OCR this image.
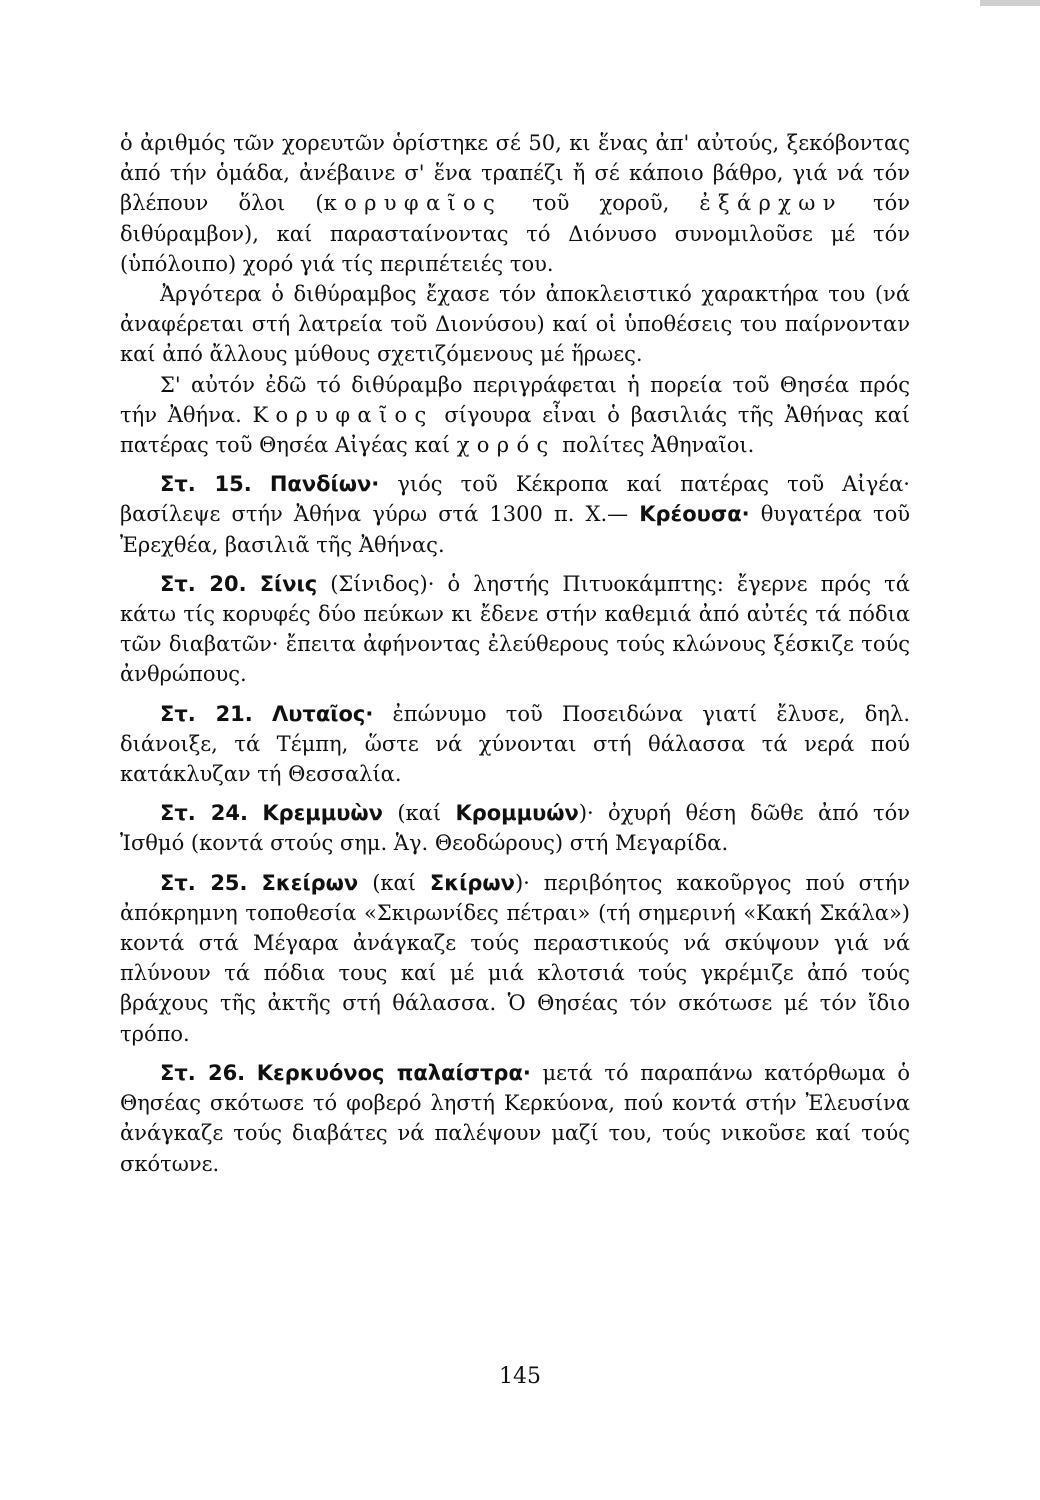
ὁ ἀριθμός τῶν χορευτῶν ὁρίστηκε σέ 50, κι ἕνας ἀπ' αὐτούς, ξεκόβοντας ἀπό τήν ὁμάδα, ἀνέβαινε σ' ἕνα τραπέζι ἤ σέ κάποιο βάθρο, γιά νά τόν βλέπουν ὅλοι (κορυφαῖος τοῦ χοροῦ, ἐξάρχων τόν διθύραμβον), καί παρασταίνοντας τό Διόνυσο συνομιλοῦσε μέ τόν (ὑπόλοιπο) χορό γιά τίς περιπέτειές του.

Ἀργότερα ὁ διθύραμβος ἔχασε τόν ἀποκλειστικό χαρακτήρα του (νά ἀναφέρεται στή λατρεία τοῦ Διονύσου) καί οἱ ὑποθέσεις του παίρνονταν καί ἀπό ἄλλους μύθους σχετιζόμενους μέ ἥρωες.

Σ' αὐτόν ἐδῶ τό διθύραμβο περιγράφεται ἡ πορεία τοῦ Θησέα πρός τήν Ἀθήνα. Κορυφαῖος σίγουρα εἶναι ὁ βασιλιάς τῆς Ἀθήνας καί πατέρας τοῦ Θησέα Αἰγέας καί χορός πολίτες Ἀθηναῖοι.

Στ. 15. Πανδίων· γιός τοῦ Κέκροπα καί πατέρας τοῦ Αἰγέα· βασίλεψε στήν Ἀθήνα γύρω στά 1300 π. Χ.— Κρέουσα· θυγατέρα τοῦ Ἐρεχθέα, βασιλιᾶ τῆς Ἀθήνας.

Στ. 20. Σίνις (Σίνιδος)· ὁ ληστής Πιτυοκάμπτης: ἔγερνε πρός τά κάτω τίς κορυφές δύο πεύκων κι ἔδενε στήν καθεμιά ἀπό αὐτές τά πόδια τῶν διαβατῶν· ἔπειτα ἀφήνοντας ἐλεύθερους τούς κλώνους ξέσκιζε τούς ἀνθρώπους.

Στ. 21. Λυταῖος· ἐπώνυμο τοῦ Ποσειδώνα γιατί ἔλυσε, δηλ. διάνοιξε, τά Τέμπη, ὥστε νά χύνονται στή θάλασσα τά νερά πού κατάκλυζαν τή Θεσσαλία.

Στ. 24. Κρεμμυὼν (καί Κρομμυών)· ὀχυρή θέση δῶθε ἀπό τόν Ἰσθμό (κοντά στούς σημ. Ἁγ. Θεοδώρους) στή Μεγαρίδα.

Στ. 25. Σκείρων (καί Σκίρων)· περιβόητος κακοῦργος πού στήν ἀπόκρημνη τοποθεσία «Σκιρωνίδες πέτραι» (τή σημερινή «Κακή Σκάλα») κοντά στά Μέγαρα ἀνάγκαζε τούς περαστικούς νά σκύψουν γιά νά πλύνουν τά πόδια τους καί μέ μιά κλοτσιά τούς γκρέμιζε ἀπό τούς βράχους τῆς ἀκτῆς στή θάλασσα. Ὁ Θησέας τόν σκότωσε μέ τόν ἴδιο τρόπο.

Στ. 26. Κερκυόνος παλαίστρα· μετά τό παραπάνω κατόρθωμα ὁ Θησέας σκότωσε τό φοβερό ληστή Κερκύονα, πού κοντά στήν Ἐλευσίνα ἀνάγκαζε τούς διαβάτες νά παλέψουν μαζί του, τούς νικοῦσε καί τούς σκότωνε.

145
